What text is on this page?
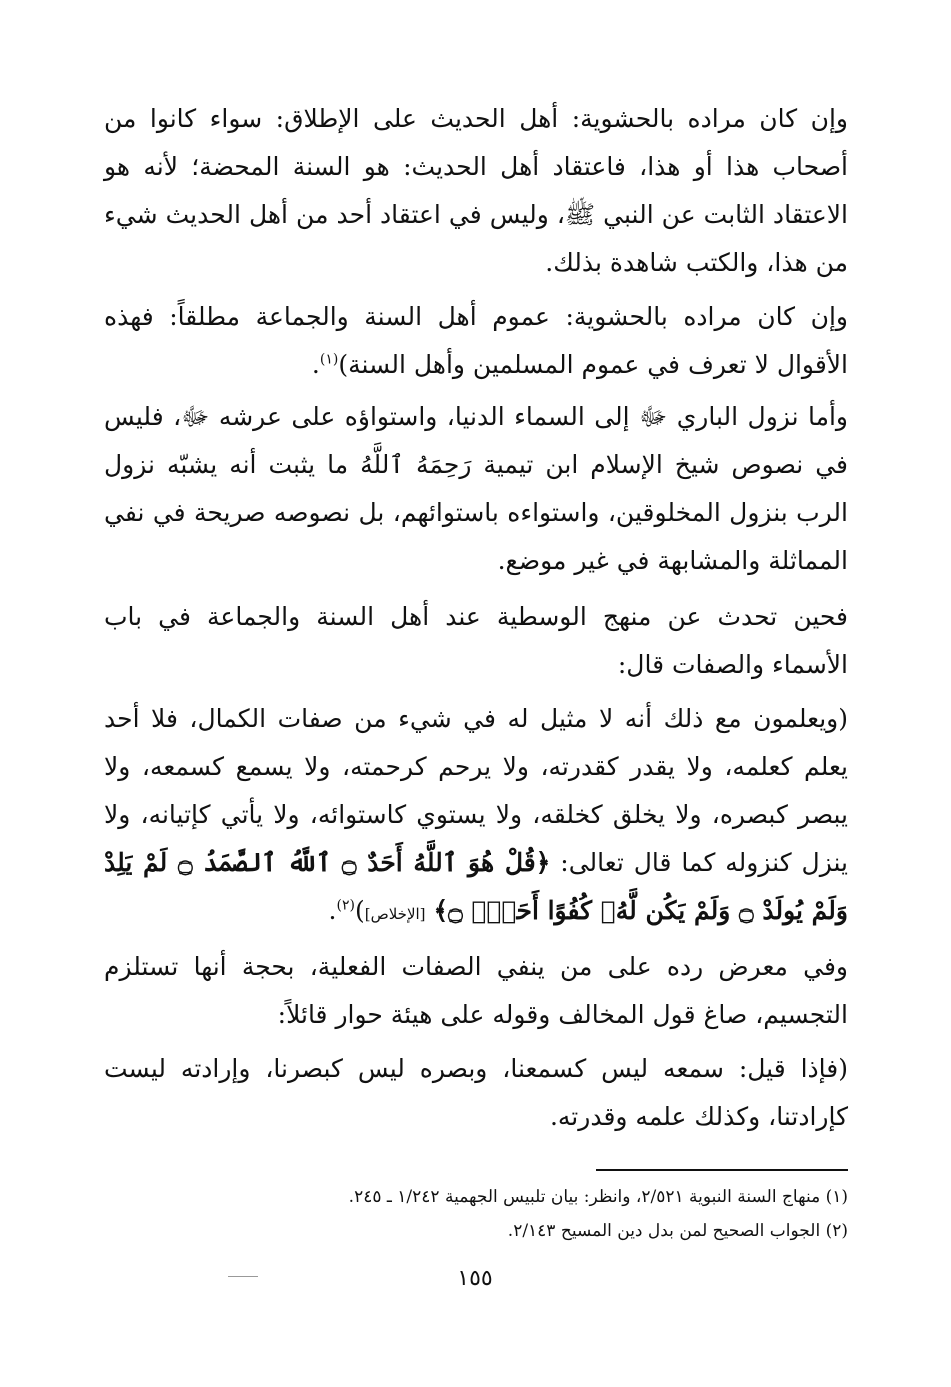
وإن كان مراده بالحشوية: أهل الحديث على الإطلاق: سواء كانوا من أصحاب هذا أو هذا، فاعتقاد أهل الحديث: هو السنة المحضة؛ لأنه هو الاعتقاد الثابت عن النبي ﷺ، وليس في اعتقاد أحد من أهل الحديث شيء من هذا، والكتب شاهدة بذلك.
وإن كان مراده بالحشوية: عموم أهل السنة والجماعة مطلقاً: فهذه الأقوال لا تعرف في عموم المسلمين وأهل السنة)$^{(١)}$.
وأما نزول الباري ﷻ إلى السماء الدنيا، واستواؤه على عرشه ﷻ، فليس في نصوص شيخ الإسلام ابن تيمية رَحِمَهُ ٱللَّهُ ما يثبت أنه يشبّه نزول الرب بنزول المخلوقين، واستواءه باستوائهم، بل نصوصه صريحة في نفي المماثلة والمشابهة في غير موضع.
فحين تحدث عن منهج الوسطية عند أهل السنة والجماعة في باب الأسماء والصفات قال:
(ويعلمون مع ذلك أنه لا مثيل له في شيء من صفات الكمال، فلا أحد يعلم كعلمه، ولا يقدر كقدرته، ولا يرحم كرحمته، ولا يسمع كسمعه، ولا يبصر كبصره، ولا يخلق كخلقه، ولا يستوي كاستوائه، ولا يأتي كإتيانه، ولا ينزل كنزوله كما قال تعالى: ﴿قُلْ هُوَ ٱللَّهُ أَحَدٌ ۝ ٱللَّهُ ٱلصَّمَدُ ۝ لَمْ يَلِدْ وَلَمْ يُولَدْ ۝ وَلَمْ يَكُن لَّهُۥ كُفُوًا أَحَدٌۢ ۝﴾ [الإخلاص])$^{(٢)}$.
وفي معرض رده على من ينفي الصفات الفعلية، بحجة أنها تستلزم التجسيم، صاغ قول المخالف وقوله على هيئة حوار قائلاً:
(فإذا قيل: سمعه ليس كسمعنا، وبصره ليس كبصرنا، وإرادته ليست كإرادتنا، وكذلك علمه وقدرته.
(١) منهاج السنة النبوية ٢/٥٢١، وانظر: بيان تلبيس الجهمية ١/٢٤٢ ـ ٢٤٥.
(٢) الجواب الصحيح لمن بدل دين المسيح ٢/١٤٣.
١٥٥
